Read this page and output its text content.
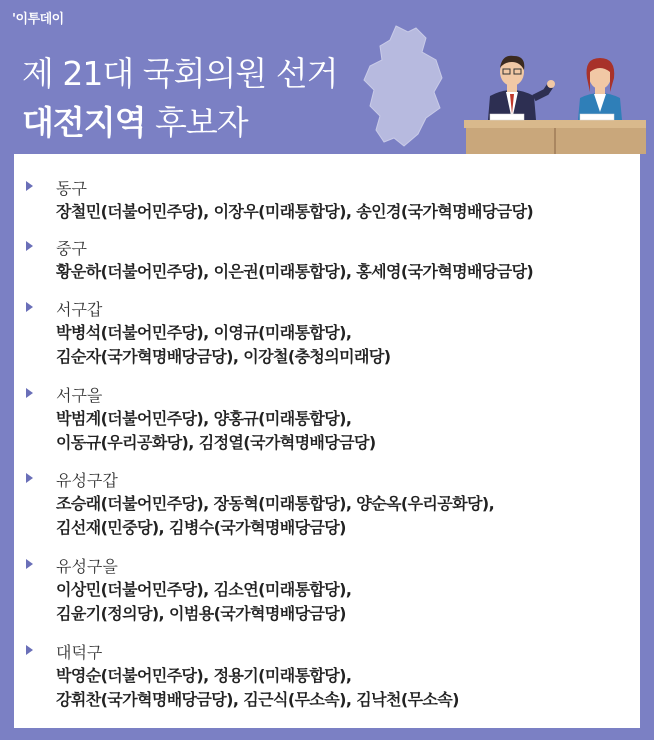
'이투데이
제 21대 국회의원 선거
대전지역 후보자
동구
장철민(더불어민주당), 이장우(미래통합당), 송인경(국가혁명배당금당)
중구
황운하(더불어민주당), 이은권(미래통합당), 홍세영(국가혁명배당금당)
서구갑
박병석(더불어민주당), 이영규(미래통합당),
김순자(국가혁명배당금당), 이강철(충청의미래당)
서구을
박범계(더불어민주당), 양홍규(미래통합당),
이동규(우리공화당), 김정열(국가혁명배당금당)
유성구갑
조승래(더불어민주당), 장동혁(미래통합당), 양순옥(우리공화당),
김선재(민중당), 김병수(국가혁명배당금당)
유성구을
이상민(더불어민주당), 김소연(미래통합당),
김윤기(정의당), 이범용(국가혁명배당금당)
대덕구
박영순(더불어민주당), 정용기(미래통합당),
강휘찬(국가혁명배당금당), 김근식(무소속), 김낙천(무소속)
